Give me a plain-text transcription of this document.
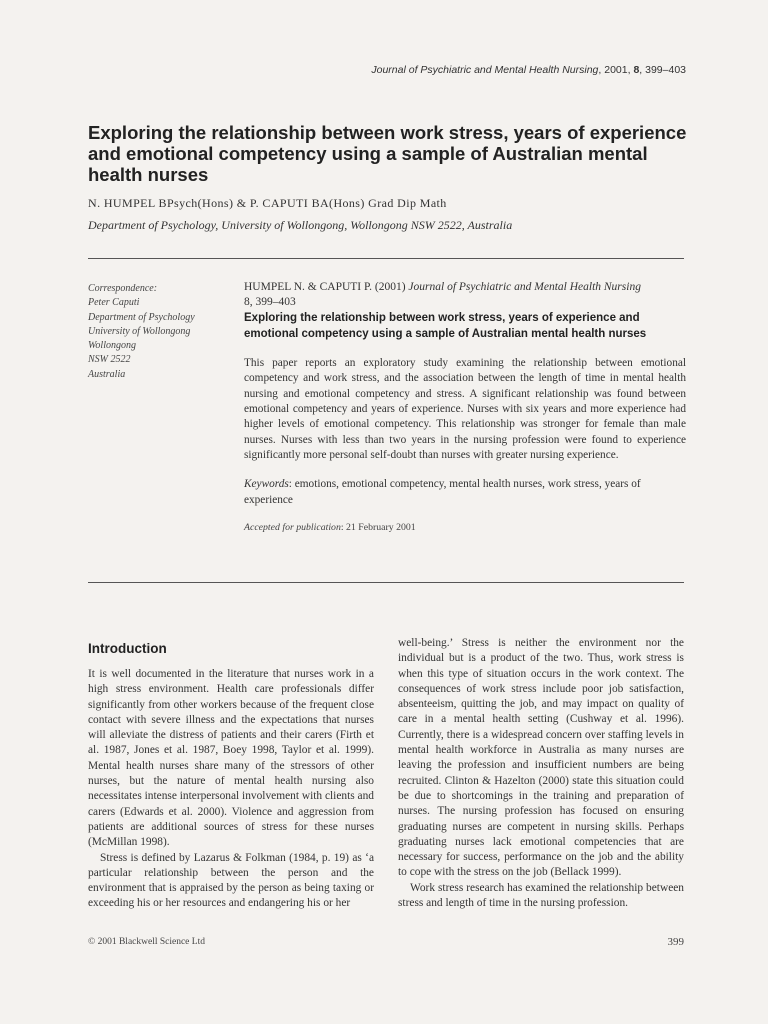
Journal of Psychiatric and Mental Health Nursing, 2001, 8, 399–403
Exploring the relationship between work stress, years of experience and emotional competency using a sample of Australian mental health nurses
N. HUMPEL BPsych(Hons) & P. CAPUTI BA(Hons) Grad Dip Math
Department of Psychology, University of Wollongong, Wollongong NSW 2522, Australia
Correspondence:
Peter Caputi
Department of Psychology
University of Wollongong
Wollongong
NSW 2522
Australia

HUMPEL N. & CAPUTI P. (2001) Journal of Psychiatric and Mental Health Nursing
8, 399–403

Exploring the relationship between work stress, years of experience and emotional competency using a sample of Australian mental health nurses

This paper reports an exploratory study examining the relationship between emotional competency and work stress, and the association between the length of time in mental health nursing and emotional competency and stress. A significant relationship was found between emotional competency and years of experience. Nurses with six years and more experience had higher levels of emotional competency. This relationship was stronger for female than male nurses. Nurses with less than two years in the nursing profession were found to experience significantly more personal self-doubt than nurses with greater nursing experience.

Keywords: emotions, emotional competency, mental health nurses, work stress, years of experience

Accepted for publication: 21 February 2001

Introduction

It is well documented in the literature that nurses work in a high stress environment. Health care professionals differ significantly from other workers because of the frequent close contact with severe illness and the expectations that nurses will alleviate the distress of patients and their carers (Firth et al. 1987, Jones et al. 1987, Boey 1998, Taylor et al. 1999). Mental health nurses share many of the stressors of other nurses, but the nature of mental health nursing also necessitates intense interpersonal involvement with clients and carers (Edwards et al. 2000). Violence and aggression from patients are additional sources of stress for these nurses (McMillan 1998).

Stress is defined by Lazarus & Folkman (1984, p. 19) as ‘a particular relationship between the person and the environment that is appraised by the person as being taxing or exceeding his or her resources and endangering his or her

well-being.’ Stress is neither the environment nor the individual but is a product of the two. Thus, work stress is when this type of situation occurs in the work context. The consequences of work stress include poor job satisfaction, absenteeism, quitting the job, and may impact on quality of care in a mental health setting (Cushway et al. 1996). Currently, there is a widespread concern over staffing levels in mental health workforce in Australia as many nurses are leaving the profession and insufficient numbers are being recruited. Clinton & Hazelton (2000) state this situation could be due to shortcomings in the training and preparation of nurses. The nursing profession has focused on ensuring graduating nurses are competent in nursing skills. Perhaps graduating nurses lack emotional competencies that are necessary for success, performance on the job and the ability to cope with the stress on the job (Bellack 1999).

Work stress research has examined the relationship between stress and length of time in the nursing profession.

© 2001 Blackwell Science Ltd	399
